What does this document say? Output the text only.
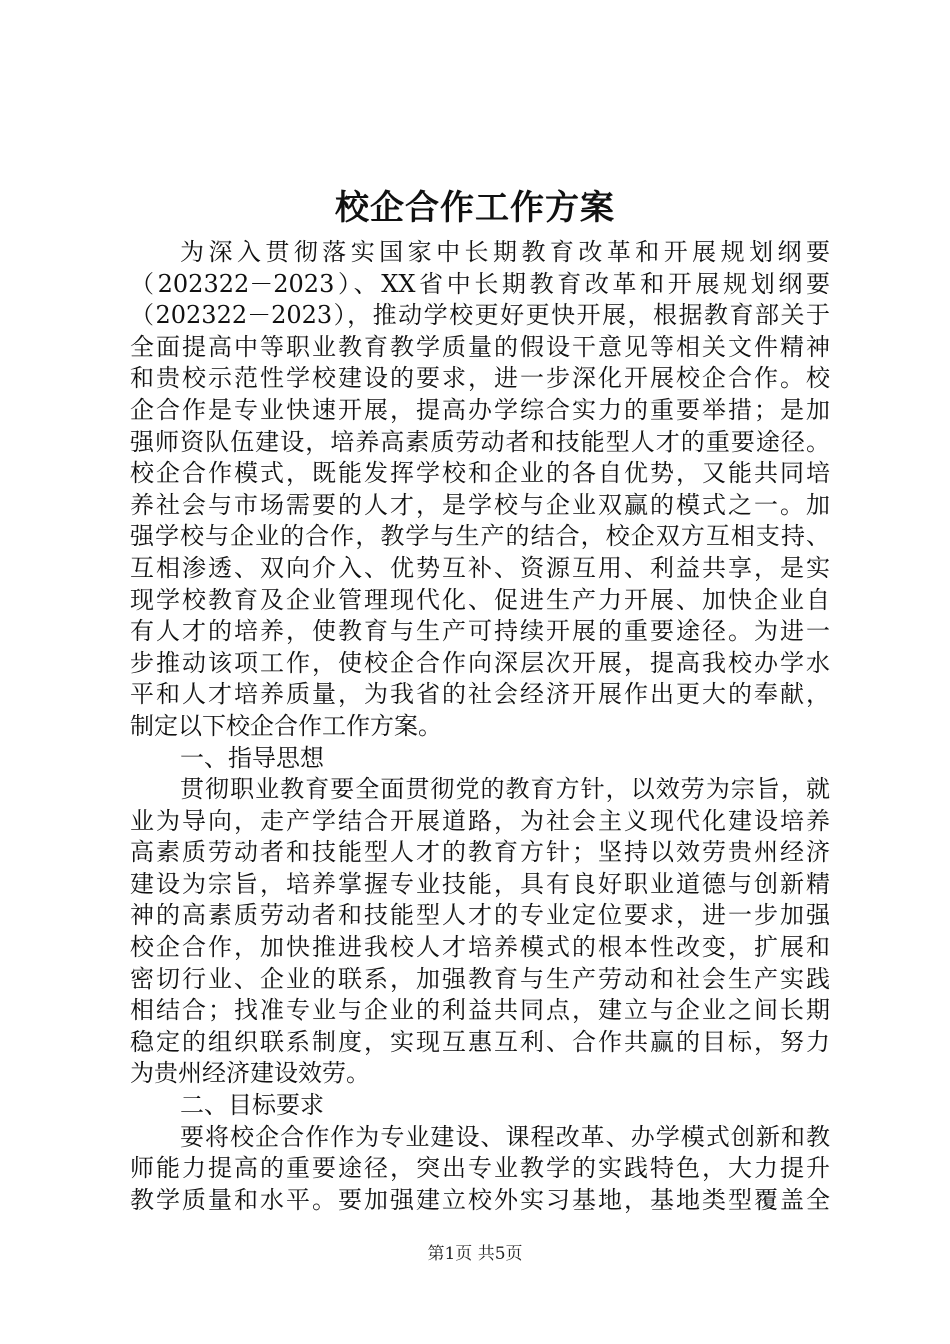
校企合作工作方案
为深入贯彻落实国家中长期教育改革和开展规划纲要
（202322－2023）、XX省中长期教育改革和开展规划纲要
（202322－2023），推动学校更好更快开展，根据教育部关于
全面提高中等职业教育教学质量的假设干意见等相关文件精神
和贵校示范性学校建设的要求，进一步深化开展校企合作。校
企合作是专业快速开展，提高办学综合实力的重要举措；是加
强师资队伍建设，培养高素质劳动者和技能型人才的重要途径。
校企合作模式，既能发挥学校和企业的各自优势，又能共同培
养社会与市场需要的人才，是学校与企业双赢的模式之一。加
强学校与企业的合作，教学与生产的结合，校企双方互相支持、
互相渗透、双向介入、优势互补、资源互用、利益共享，是实
现学校教育及企业管理现代化、促进生产力开展、加快企业自
有人才的培养，使教育与生产可持续开展的重要途径。为进一
步推动该项工作，使校企合作向深层次开展，提高我校办学水
平和人才培养质量，为我省的社会经济开展作出更大的奉献，
制定以下校企合作工作方案。
一、指导思想
贯彻职业教育要全面贯彻党的教育方针，以效劳为宗旨，就
业为导向，走产学结合开展道路，为社会主义现代化建设培养
高素质劳动者和技能型人才的教育方针；坚持以效劳贵州经济
建设为宗旨，培养掌握专业技能，具有良好职业道德与创新精
神的高素质劳动者和技能型人才的专业定位要求，进一步加强
校企合作，加快推进我校人才培养模式的根本性改变，扩展和
密切行业、企业的联系，加强教育与生产劳动和社会生产实践
相结合；找准专业与企业的利益共同点，建立与企业之间长期
稳定的组织联系制度，实现互惠互利、合作共赢的目标，努力
为贵州经济建设效劳。
二、目标要求
要将校企合作作为专业建设、课程改革、办学模式创新和教
师能力提高的重要途径，突出专业教学的实践特色，大力提升
教学质量和水平。要加强建立校外实习基地，基地类型覆盖全
第1页 共5页
